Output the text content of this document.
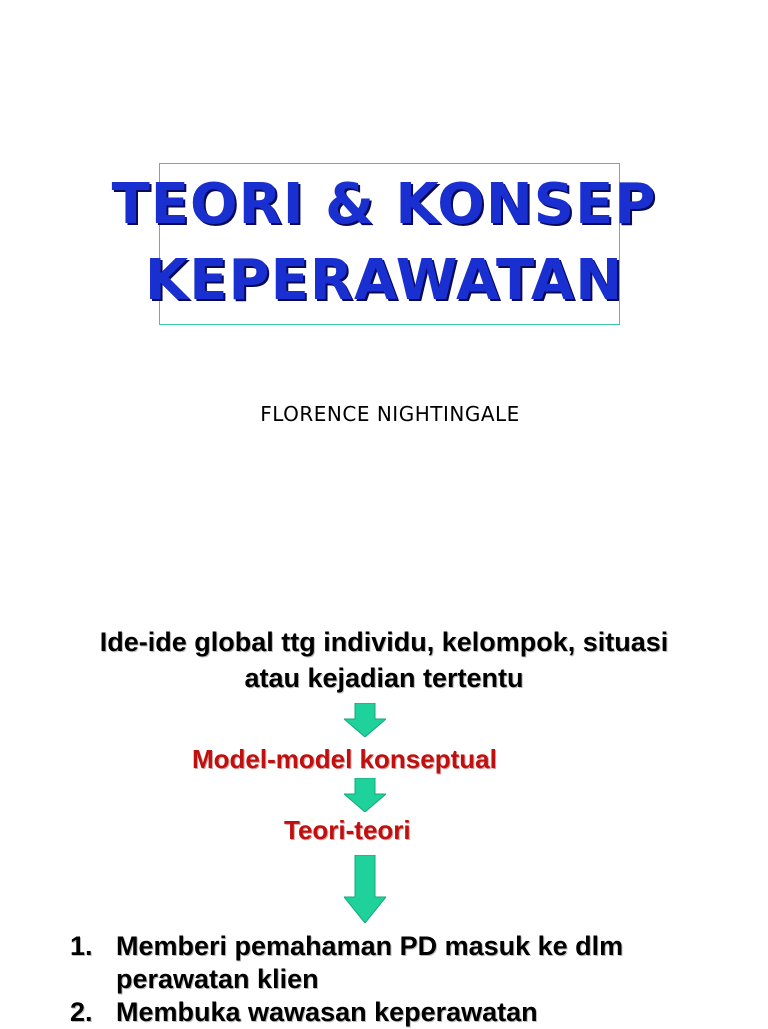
TEORI & KONSEP
KEPERAWATAN
FLORENCE NIGHTINGALE
Ide-ide global ttg individu, kelompok, situasi
atau kejadian tertentu
Model-model konseptual
Teori-teori
1. Memberi pemahaman PD masuk ke dlm
perawatan klien
2. Membuka wawasan keperawatan
